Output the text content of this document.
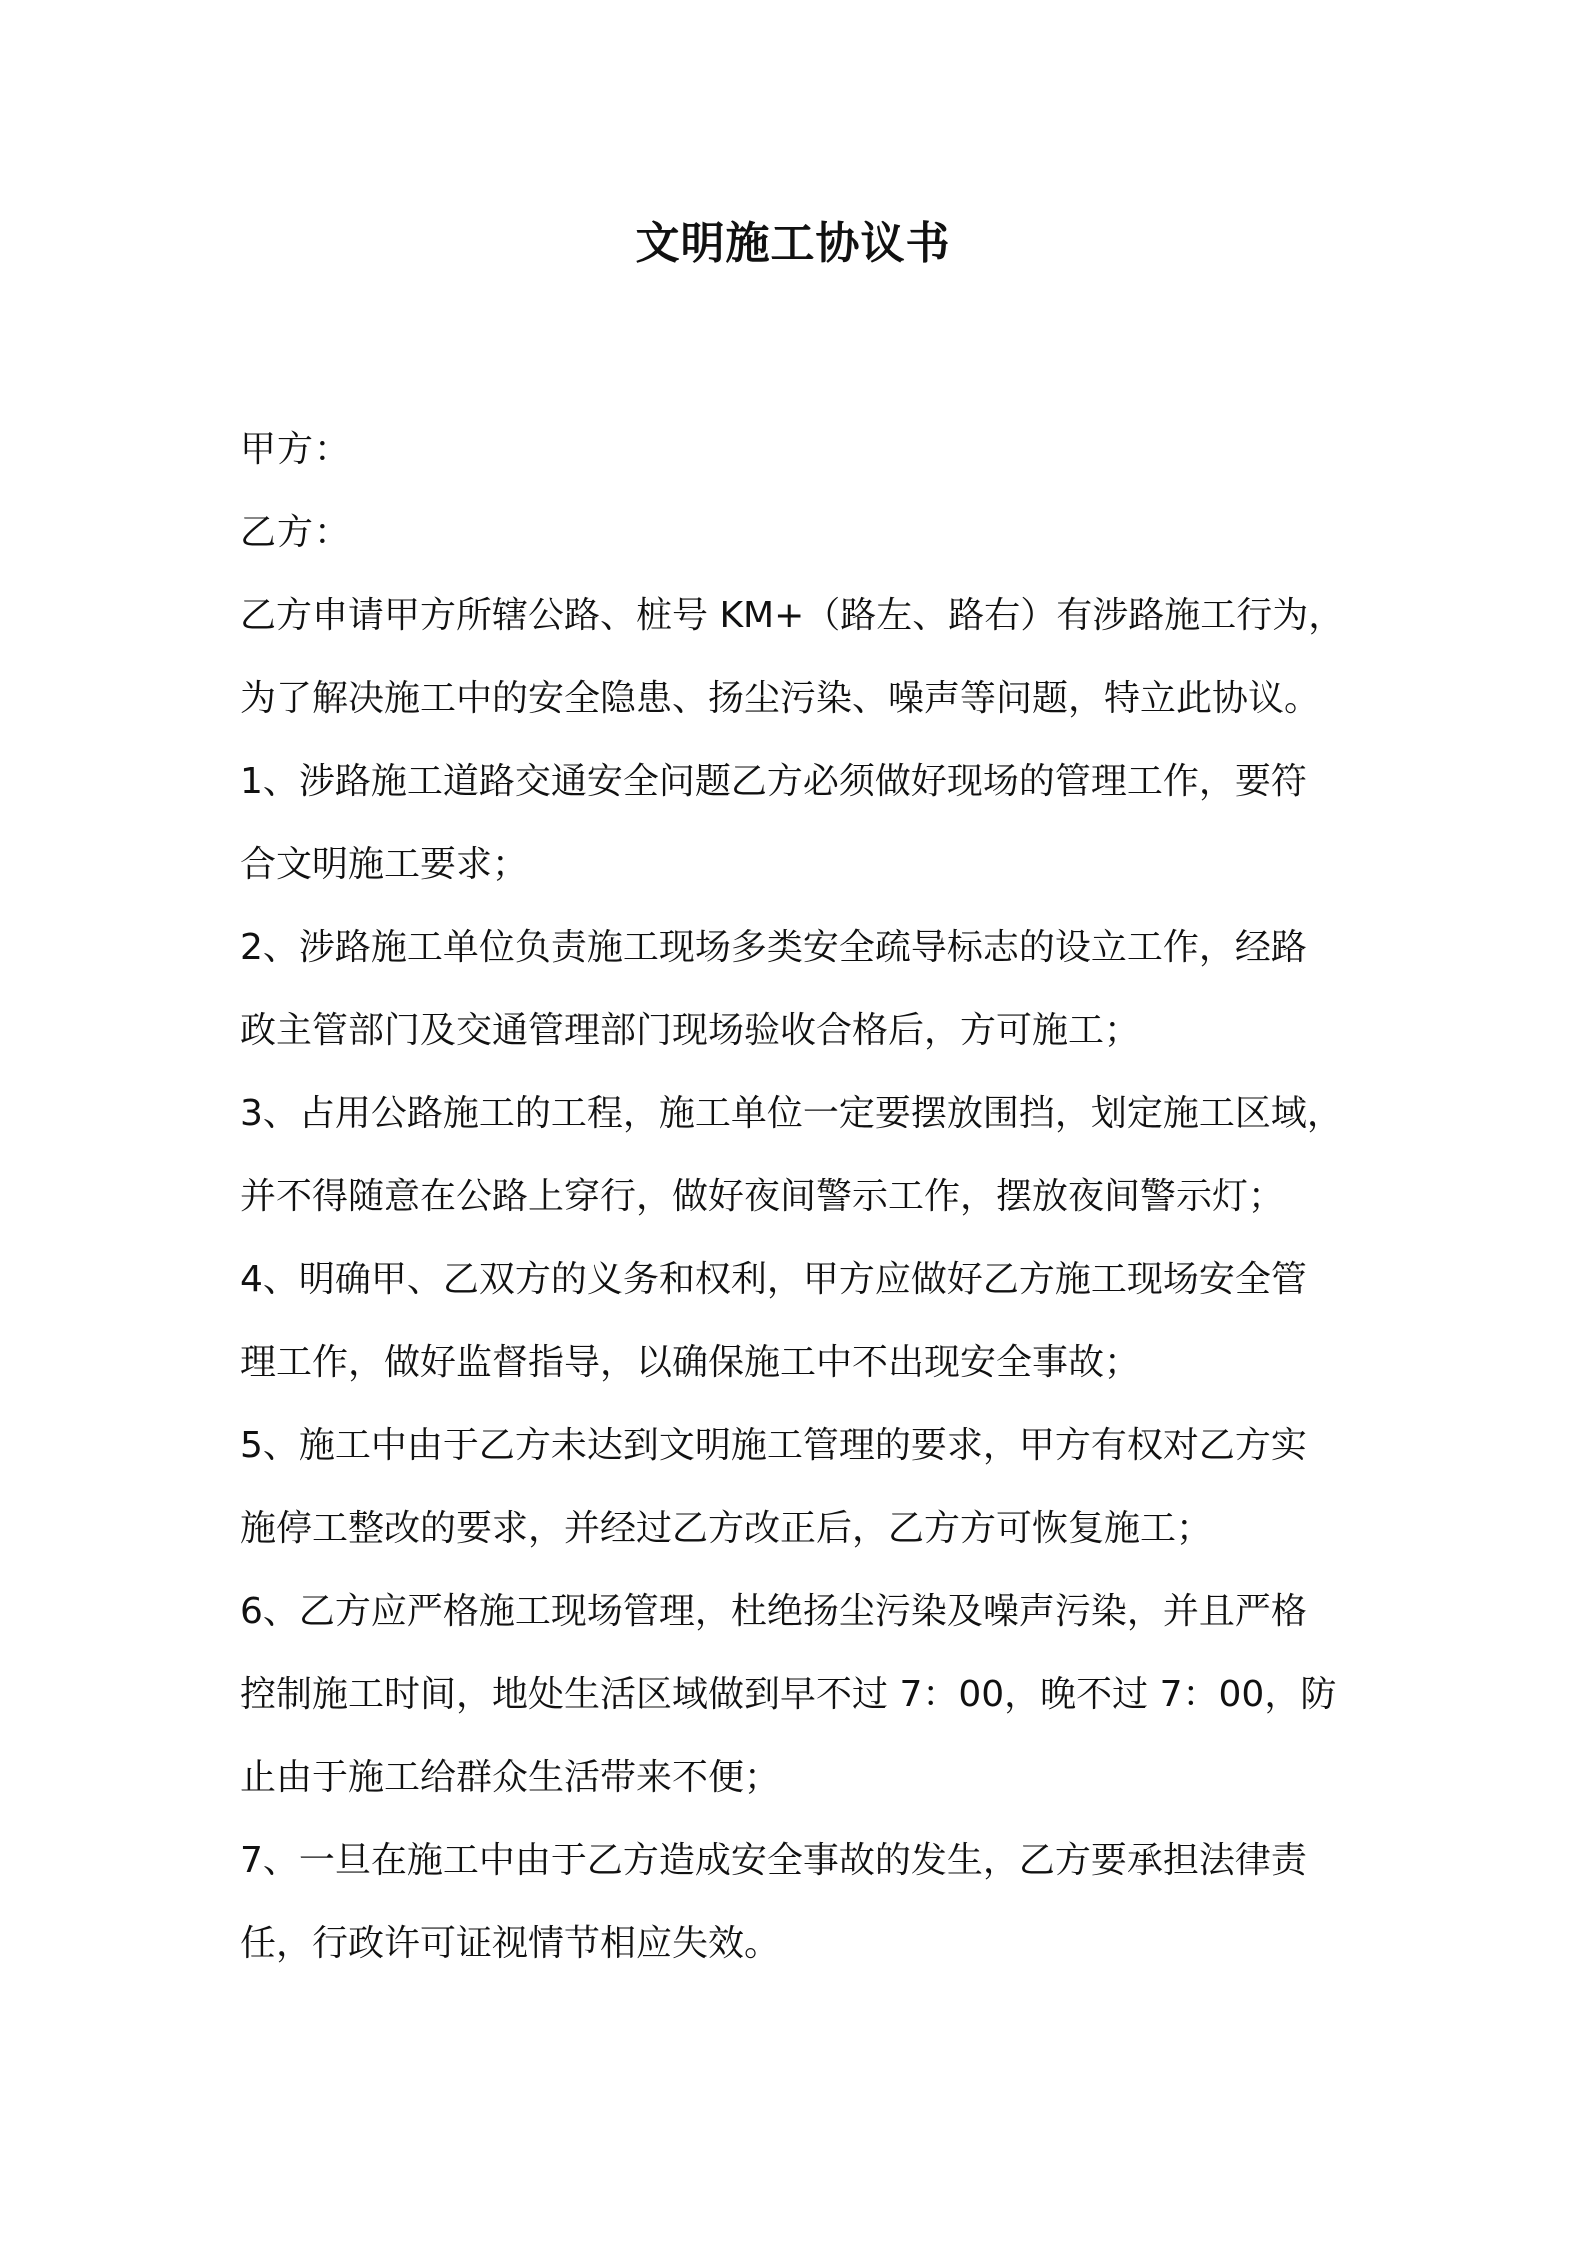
文明施工协议书
甲方：
乙方：
乙方申请甲方所辖公路、桩号 KM+（路左、路右）有涉路施工行为，
为了解决施工中的安全隐患、扬尘污染、噪声等问题，特立此协议。
1、涉路施工道路交通安全问题乙方必须做好现场的管理工作，要符
合文明施工要求；
2、涉路施工单位负责施工现场多类安全疏导标志的设立工作，经路
政主管部门及交通管理部门现场验收合格后，方可施工；
3、占用公路施工的工程，施工单位一定要摆放围挡，划定施工区域，
并不得随意在公路上穿行，做好夜间警示工作，摆放夜间警示灯；
4、明确甲、乙双方的义务和权利，甲方应做好乙方施工现场安全管
理工作，做好监督指导，以确保施工中不出现安全事故；
5、施工中由于乙方未达到文明施工管理的要求，甲方有权对乙方实
施停工整改的要求，并经过乙方改正后，乙方方可恢复施工；
6、乙方应严格施工现场管理，杜绝扬尘污染及噪声污染，并且严格
控制施工时间，地处生活区域做到早不过 7：00，晚不过 7：00，防
止由于施工给群众生活带来不便；
7、一旦在施工中由于乙方造成安全事故的发生，乙方要承担法律责
任，行政许可证视情节相应失效。
